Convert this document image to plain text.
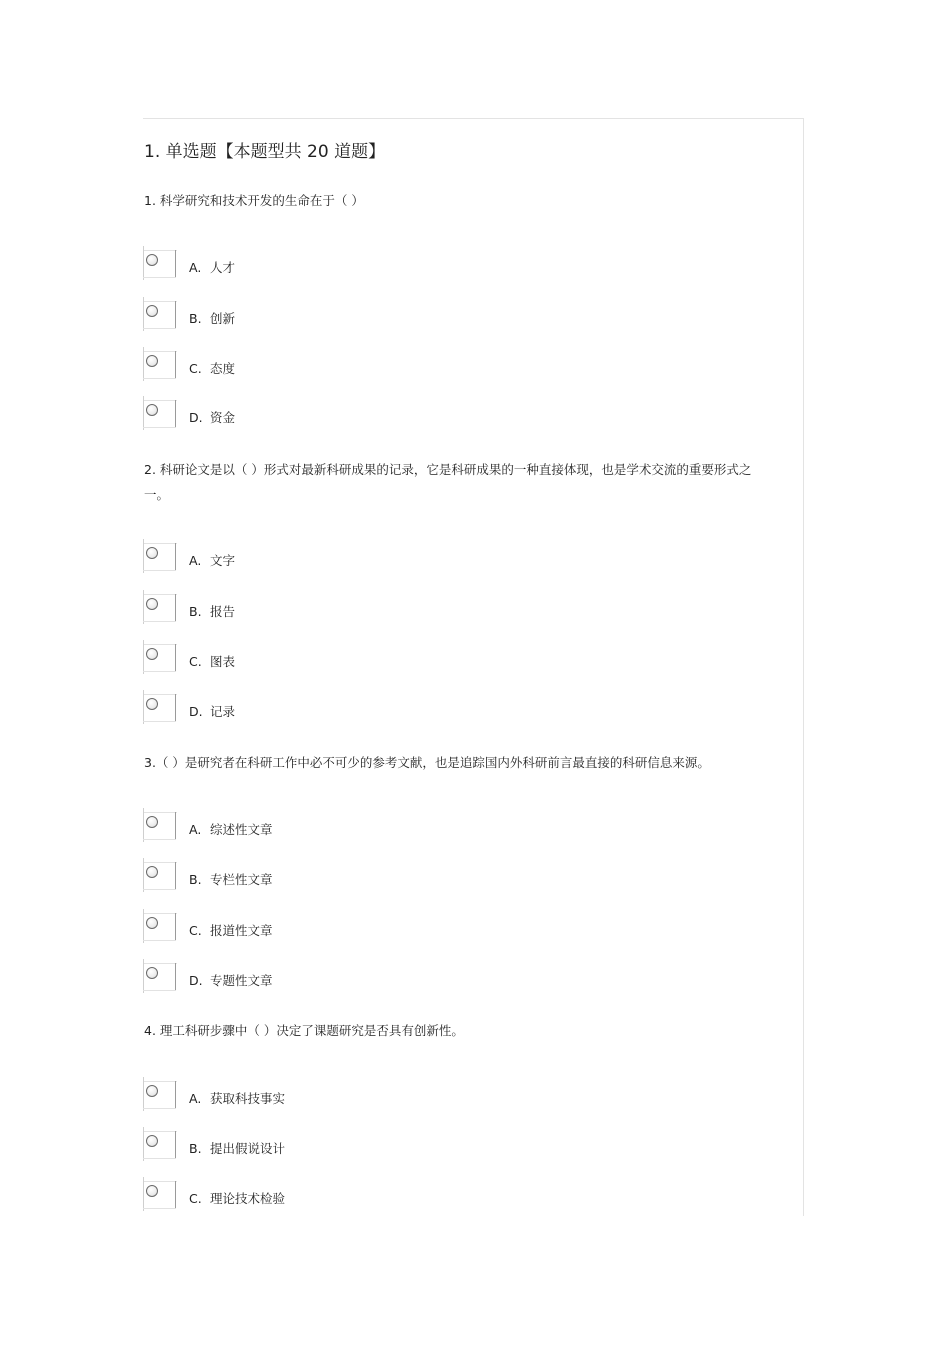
1. 单选题【本题型共 20 道题】
1. 科学研究和技术开发的生命在于（ ）
A. 人才
B. 创新
C. 态度
D. 资金
2. 科研论文是以（ ）形式对最新科研成果的记录，它是科研成果的一种直接体现，也是学术交流的重要形式之一。
A. 文字
B. 报告
C. 图表
D. 记录
3.（ ）是研究者在科研工作中必不可少的参考文献，也是追踪国内外科研前言最直接的科研信息来源。
A. 综述性文章
B. 专栏性文章
C. 报道性文章
D. 专题性文章
4. 理工科研步骤中（ ）决定了课题研究是否具有创新性。
A. 获取科技事实
B. 提出假说设计
C. 理论技术检验
